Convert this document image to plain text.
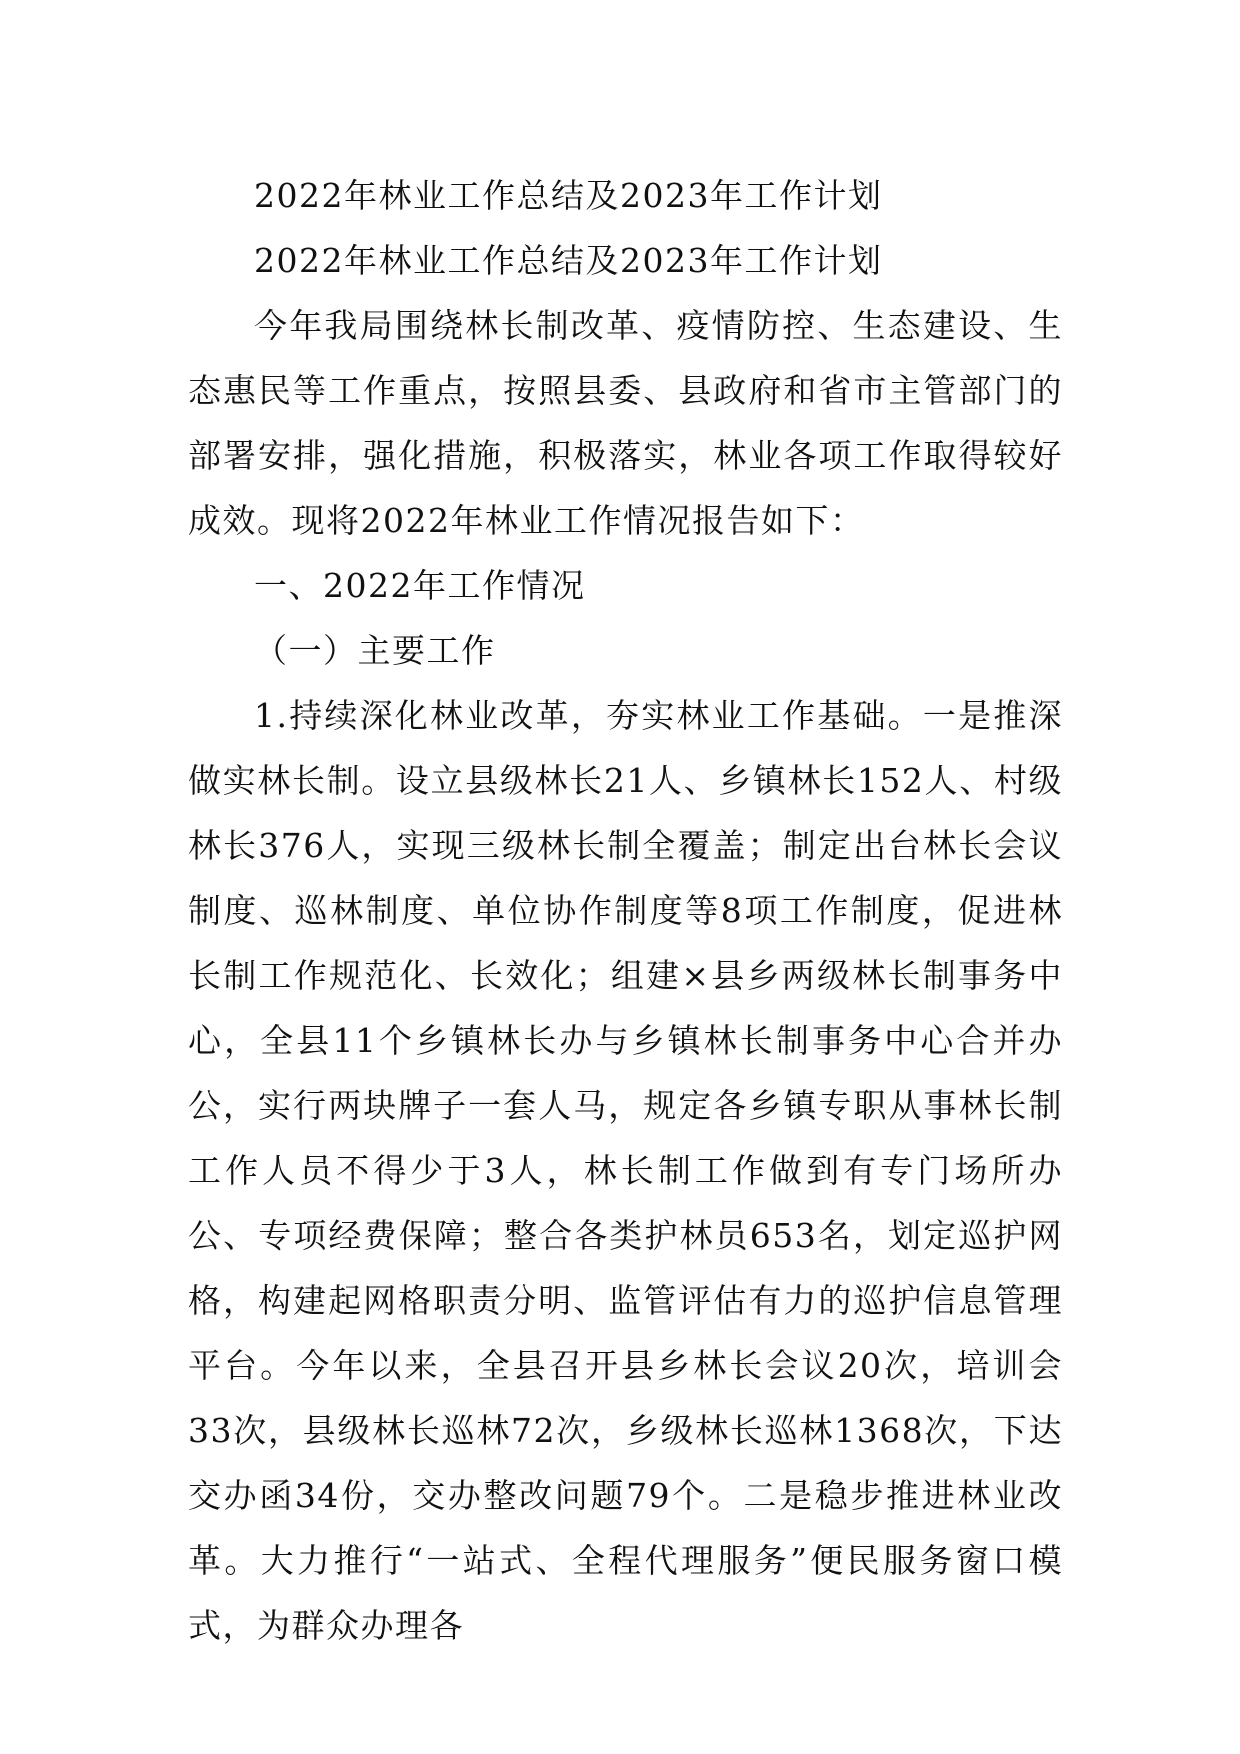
2022年林业工作总结及2023年工作计划

2022年林业工作总结及2023年工作计划

今年我局围绕林长制改革、疫情防控、生态建设、生态惠民等工作重点，按照县委、县政府和省市主管部门的部署安排，强化措施，积极落实，林业各项工作取得较好成效。现将2022年林业工作情况报告如下：

一、2022年工作情况

（一）主要工作

1.持续深化林业改革，夯实林业工作基础。一是推深做实林长制。设立县级林长21人、乡镇林长152人、村级林长376人，实现三级林长制全覆盖；制定出台林长会议制度、巡林制度、单位协作制度等8项工作制度，促进林长制工作规范化、长效化；组建×县乡两级林长制事务中心，全县11个乡镇林长办与乡镇林长制事务中心合并办公，实行两块牌子一套人马，规定各乡镇专职从事林长制工作人员不得少于3人，林长制工作做到有专门场所办公、专项经费保障；整合各类护林员653名，划定巡护网格，构建起网格职责分明、监管评估有力的巡护信息管理平台。今年以来，全县召开县乡林长会议20次，培训会33次，县级林长巡林72次，乡级林长巡林1368次，下达交办函34份，交办整改问题79个。二是稳步推进林业改革。大力推行“一站式、全程代理服务”便民服务窗口模式，为群众办理各
